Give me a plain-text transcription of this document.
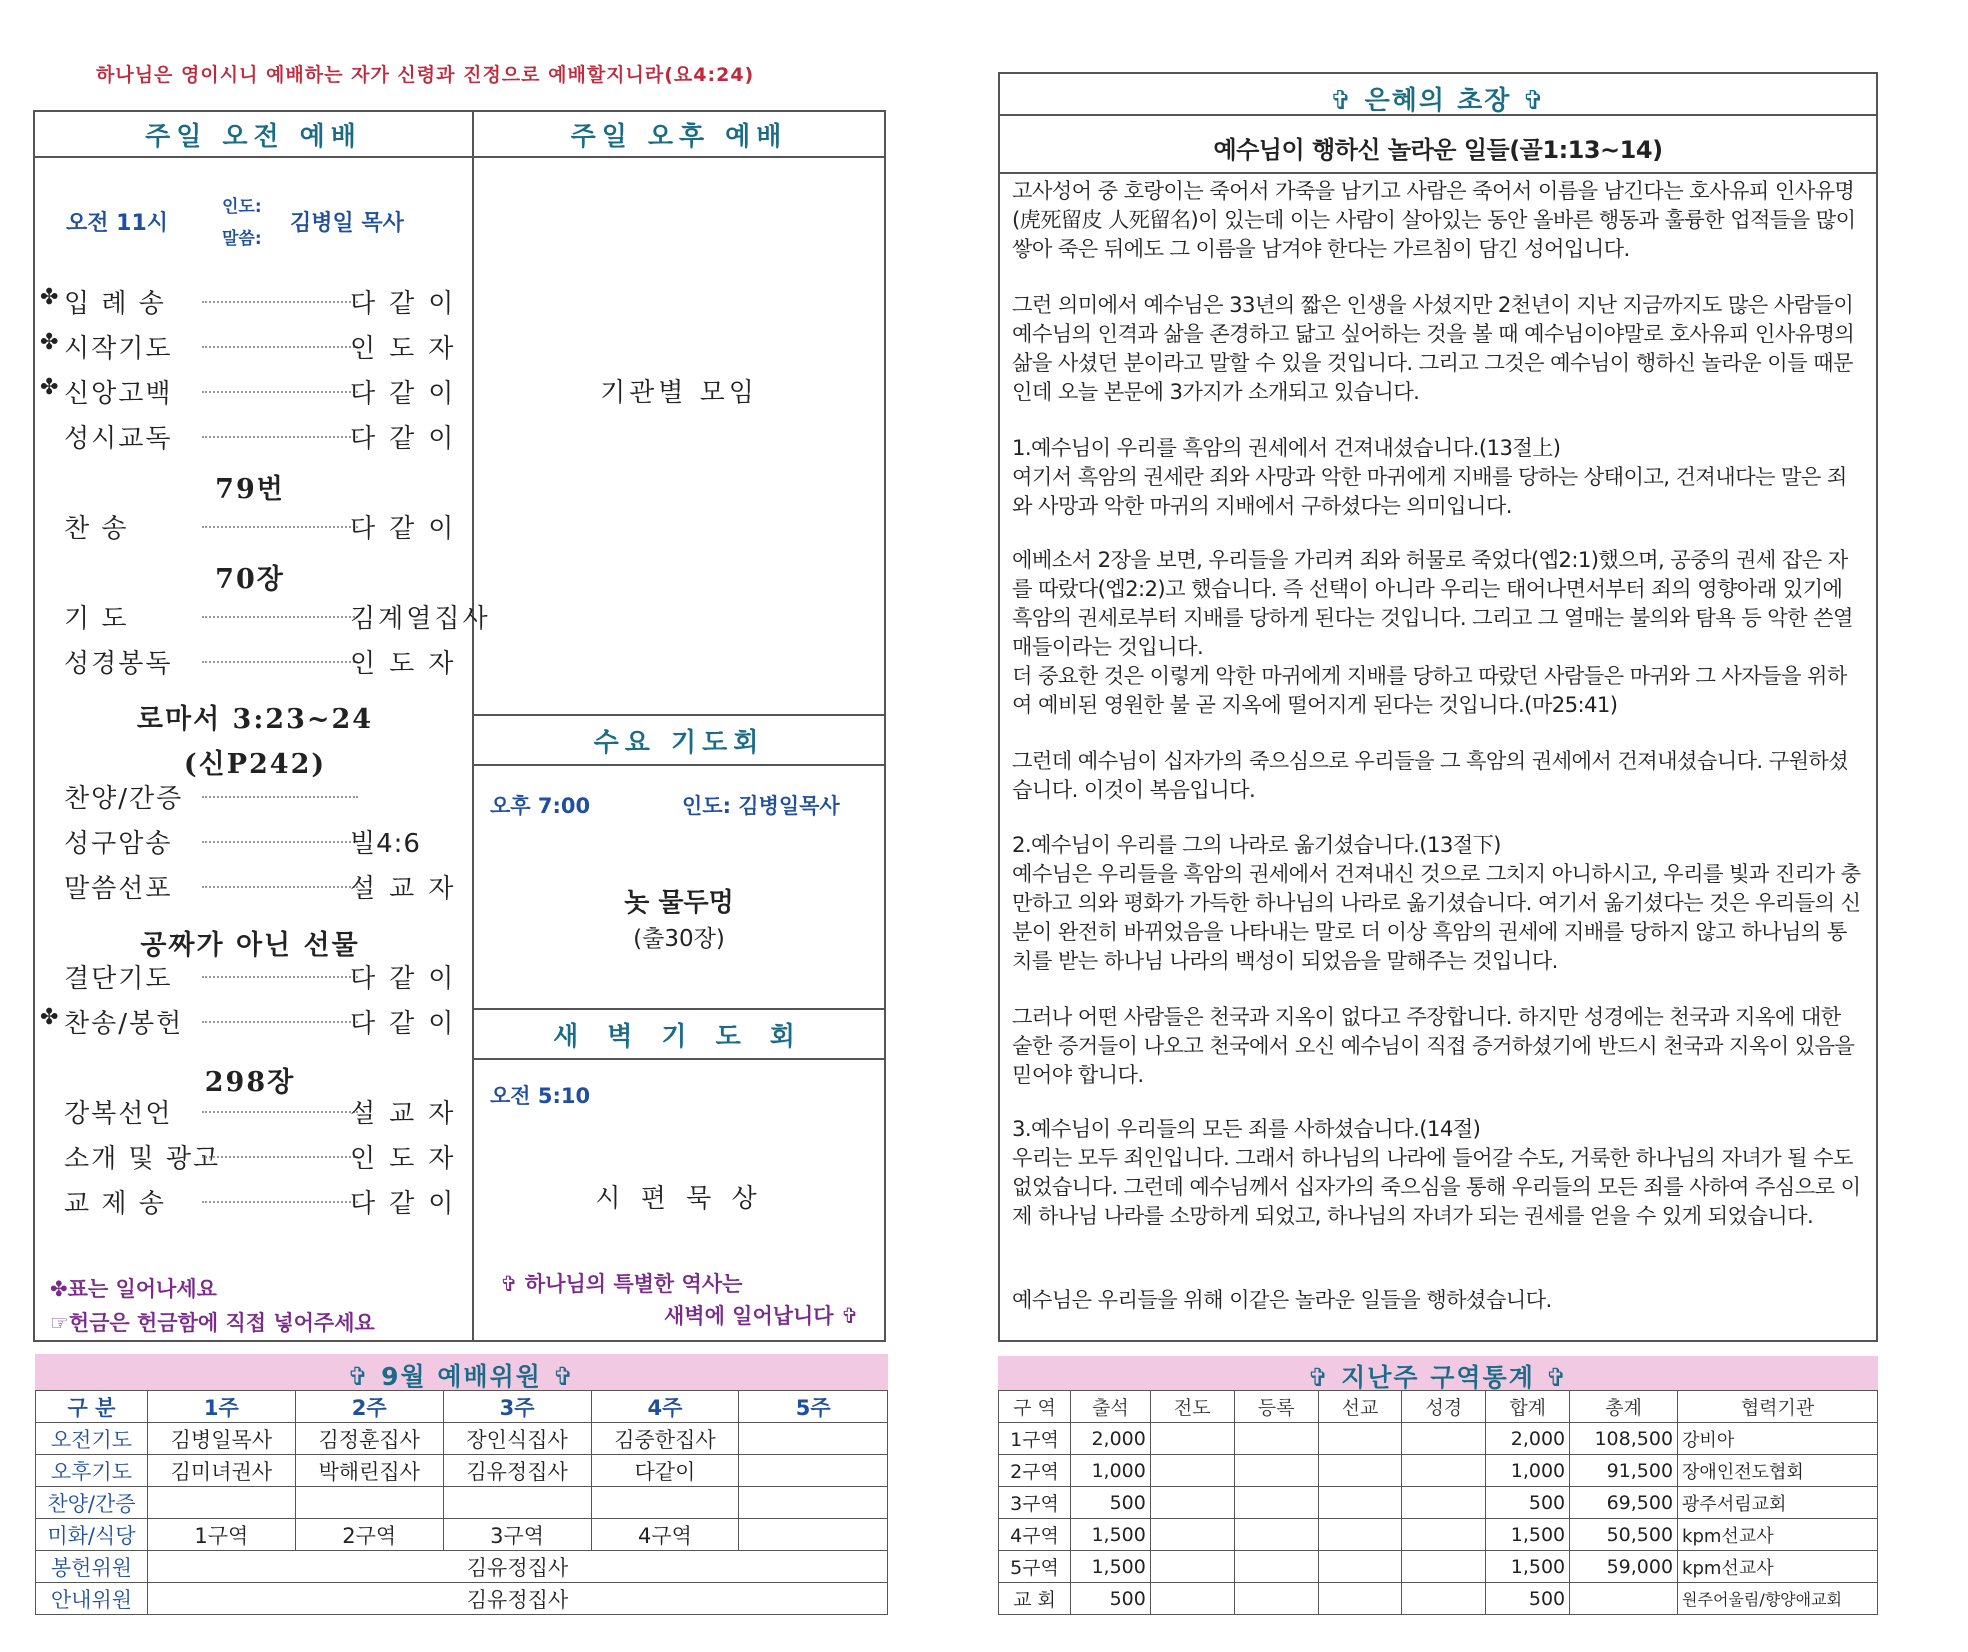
하나님은 영이시니 예배하는 자가 신령과 진정으로 예배할지니라(요4:24)
주일 오전 예배
오전 11시
인도:
말씀:
김병일 목사
✤ 입 례 송	다같이
✤ 시작기도	인도자
✤ 신앙고백	다같이
성시교독	다같이
찬 송	다같이
기 도	김계열집사
성경봉독	인도자
찬양/간증
성구암송	빌4:6
말씀선포	설교자
결단기도	다같이
✤ 찬송/봉헌	다같이
강복선언	설교자
소개 및 광고	인도자
교 제 송	다같이
79번
70장
로마서 3:23~24
(신P242)
공짜가 아닌 선물
298장
✤표는 일어나세요
☞헌금은 헌금함에 직접 넣어주세요
주일 오후 예배
기관별 모임
수요 기도회
오후 7:00	인도: 김병일목사
놋 물두멍
(출30장)
새 벽 기 도 회
오전 5:10
시 편 묵 상
✞ 하나님의 특별한 역사는
새벽에 일어납니다 ✞
✞ 9월 예배위원 ✞
구 분	1주	2주	3주	4주	5주
오전기도	김병일목사	김정훈집사	장인식집사	김중한집사	
오후기도	김미녀권사	박해린집사	김유정집사	다같이	
찬양/간증					
미화/식당	1구역	2구역	3구역	4구역	
봉헌위원	김유정집사				
안내위원	김유정집사				
✞ 은혜의 초장 ✞
예수님이 행하신 놀라운 일들(골1:13~14)
고사성어 중 호랑이는 죽어서 가죽을 남기고 사람은 죽어서 이름을 남긴다는 호사유피 인사유명(虎死留皮 人死留名)이 있는데 이는 사람이 살아있는 동안 올바른 행동과 훌륭한 업적들을 많이 쌓아 죽은 뒤에도 그 이름을 남겨야 한다는 가르침이 담긴 성어입니다.
그런 의미에서 예수님은 33년의 짧은 인생을 사셨지만 2천년이 지난 지금까지도 많은 사람들이 예수님의 인격과 삶을 존경하고 닮고 싶어하는 것을 볼 때 예수님이야말로 호사유피 인사유명의 삶을 사셨던 분이라고 말할 수 있을 것입니다. 그리고 그것은 예수님이 행하신 놀라운 이들 때문인데 오늘 본문에 3가지가 소개되고 있습니다.
1.예수님이 우리를 흑암의 권세에서 건져내셨습니다.(13절上)
여기서 흑암의 권세란 죄와 사망과 악한 마귀에게 지배를 당하는 상태이고, 건져내다는 말은 죄와 사망과 악한 마귀의 지배에서 구하셨다는 의미입니다.
에베소서 2장을 보면, 우리들을 가리켜 죄와 허물로 죽었다(엡2:1)했으며, 공중의 권세 잡은 자를 따랐다(엡2:2)고 했습니다. 즉 선택이 아니라 우리는 태어나면서부터 죄의 영향아래 있기에 흑암의 권세로부터 지배를 당하게 된다는 것입니다. 그리고 그 열매는 불의와 탐욕 등 악한 쓴열매들이라는 것입니다.
더 중요한 것은 이렇게 악한 마귀에게 지배를 당하고 따랐던 사람들은 마귀와 그 사자들을 위하여 예비된 영원한 불 곧 지옥에 떨어지게 된다는 것입니다.(마25:41)
그런데 예수님이 십자가의 죽으심으로 우리들을 그 흑암의 권세에서 건져내셨습니다. 구원하셨습니다. 이것이 복음입니다.
2.예수님이 우리를 그의 나라로 옮기셨습니다.(13절下)
예수님은 우리들을 흑암의 권세에서 건져내신 것으로 그치지 아니하시고, 우리를 빛과 진리가 충만하고 의와 평화가 가득한 하나님의 나라로 옮기셨습니다. 여기서 옮기셨다는 것은 우리들의 신분이 완전히 바뀌었음을 나타내는 말로 더 이상 흑암의 권세에 지배를 당하지 않고 하나님의 통치를 받는 하나님 나라의 백성이 되었음을 말해주는 것입니다.
그러나 어떤 사람들은 천국과 지옥이 없다고 주장합니다. 하지만 성경에는 천국과 지옥에 대한 숱한 증거들이 나오고 천국에서 오신 예수님이 직접 증거하셨기에 반드시 천국과 지옥이 있음을 믿어야 합니다.
3.예수님이 우리들의 모든 죄를 사하셨습니다.(14절)
우리는 모두 죄인입니다. 그래서 하나님의 나라에 들어갈 수도, 거룩한 하나님의 자녀가 될 수도 없었습니다. 그런데 예수님께서 십자가의 죽으심을 통해 우리들의 모든 죄를 사하여 주심으로 이제 하나님 나라를 소망하게 되었고, 하나님의 자녀가 되는 권세를 얻을 수 있게 되었습니다.
예수님은 우리들을 위해 이같은 놀라운 일들을 행하셨습니다.
✞ 지난주 구역통계 ✞
구 역	출석	전도	등록	선교	성경	합계	총계	협력기관
1구역	2,000					2,000	108,500	강비아
2구역	1,000					1,000	91,500	장애인전도협회
3구역	500					500	69,500	광주서림교회
4구역	1,500					1,500	50,500	kpm선교사
5구역	1,500					1,500	59,000	kpm선교사
교 회	500					500		원주어울림/향양애교회
